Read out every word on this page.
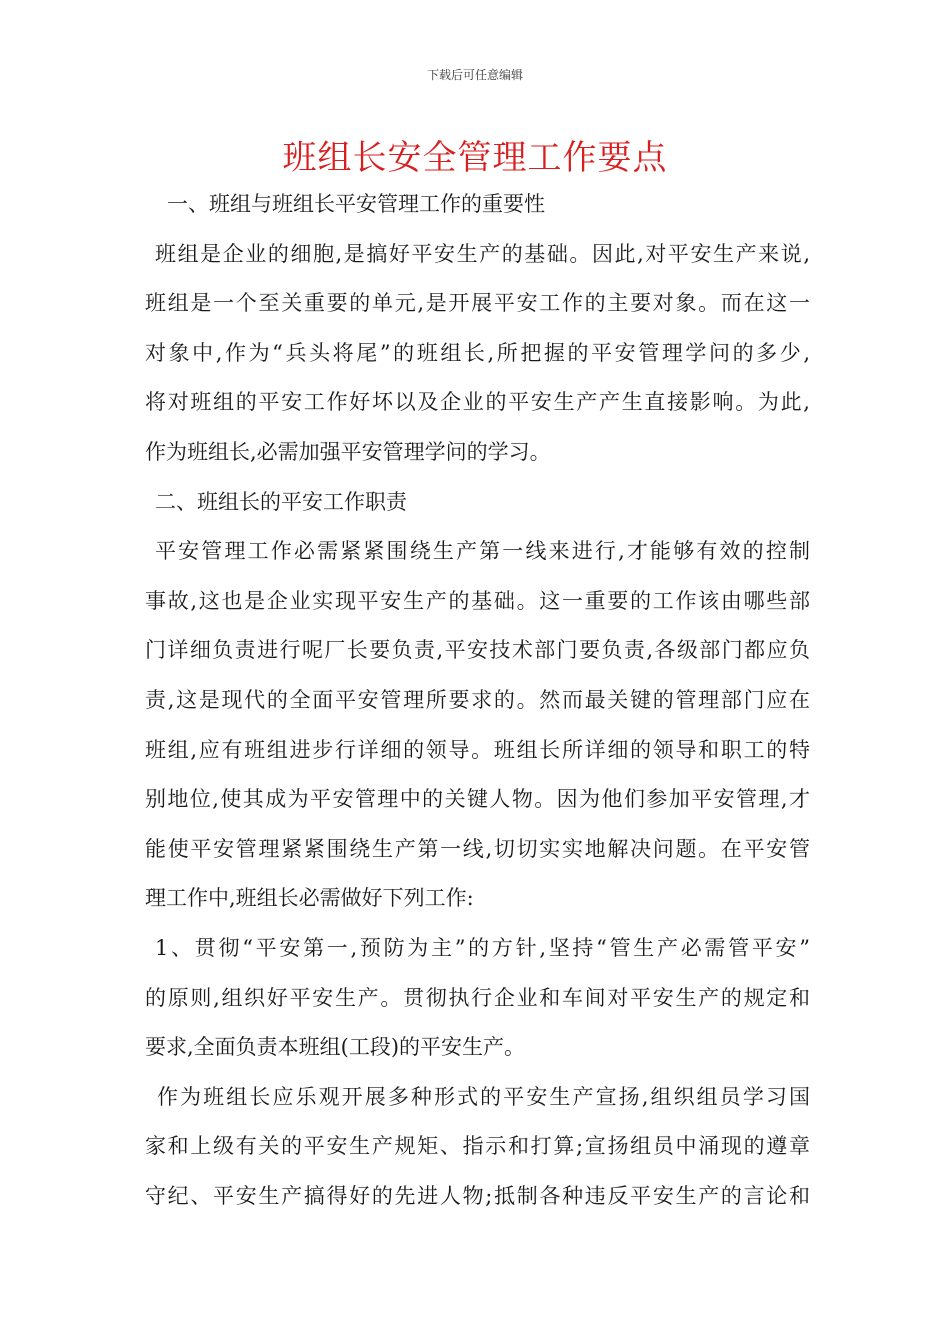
下载后可任意编辑
班组长安全管理工作要点
一、班组与班组长平安管理工作的重要性
班组是企业的细胞,是搞好平安生产的基础。因此,对平安生产来说,
班组是一个至关重要的单元,是开展平安工作的主要对象。而在这一
对象中,作为“兵头将尾”的班组长,所把握的平安管理学问的多少,
将对班组的平安工作好坏以及企业的平安生产产生直接影响。为此,
作为班组长,必需加强平安管理学问的学习。
二、班组长的平安工作职责
平安管理工作必需紧紧围绕生产第一线来进行,才能够有效的控制
事故,这也是企业实现平安生产的基础。这一重要的工作该由哪些部
门详细负责进行呢厂长要负责,平安技术部门要负责,各级部门都应负
责,这是现代的全面平安管理所要求的。然而最关键的管理部门应在
班组,应有班组进步行详细的领导。班组长所详细的领导和职工的特
别地位,使其成为平安管理中的关键人物。因为他们参加平安管理,才
能使平安管理紧紧围绕生产第一线,切切实实地解决问题。在平安管
理工作中,班组长必需做好下列工作:
1、贯彻“平安第一,预防为主”的方针,坚持“管生产必需管平安”
的原则,组织好平安生产。贯彻执行企业和车间对平安生产的规定和
要求,全面负责本班组(工段)的平安生产。
作为班组长应乐观开展多种形式的平安生产宣扬,组织组员学习国
家和上级有关的平安生产规矩、指示和打算;宣扬组员中涌现的遵章
守纪、平安生产搞得好的先进人物;抵制各种违反平安生产的言论和
